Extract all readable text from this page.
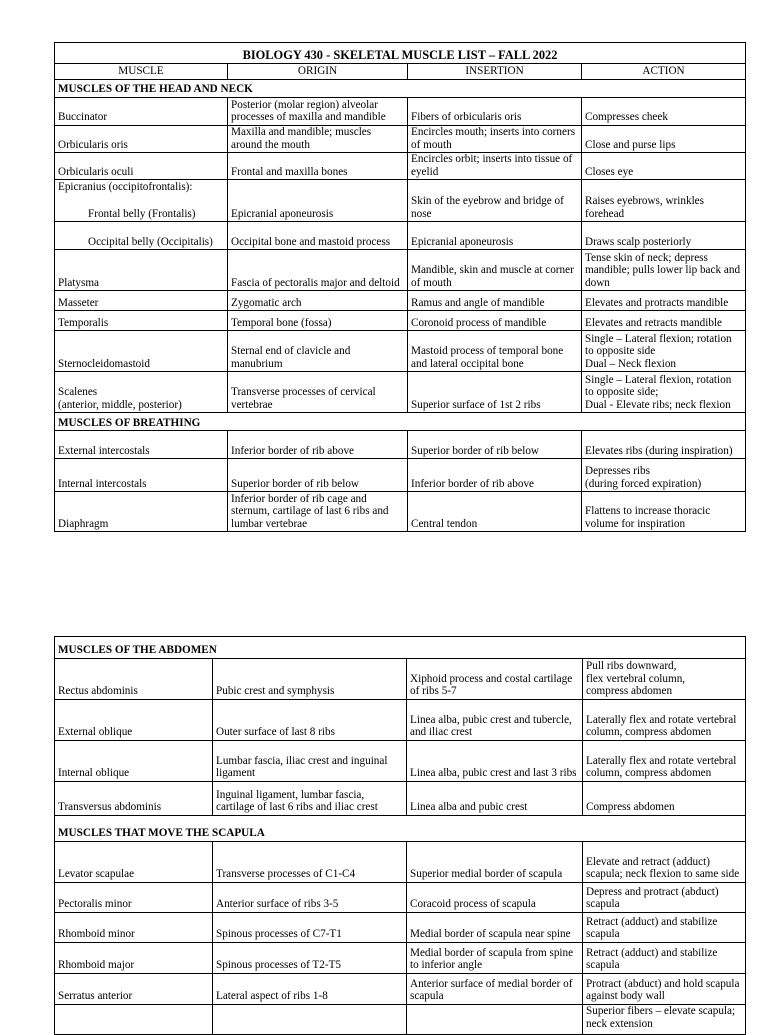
BIOLOGY 430 - SKELETAL MUSCLE LIST – FALL 2022			
MUSCLE	ORIGIN	INSERTION	ACTION
MUSCLES OF THE HEAD AND NECK			
Buccinator	Posterior (molar region) alveolar processes of maxilla and mandible	Fibers of orbicularis oris	Compresses cheek
Orbicularis oris	Maxilla and mandible; muscles around the mouth	Encircles mouth; inserts into corners of mouth	Close and purse lips
Orbicularis oculi	Frontal and maxilla bones	Encircles orbit; inserts into tissue of eyelid	Closes eye
Epicranius (occipitofrontalis):			
Frontal belly (Frontalis)	Epicranial aponeurosis	Skin of the eyebrow and bridge of nose	Raises eyebrows, wrinkles forehead
Occipital belly (Occipitalis)	Occipital bone and mastoid process	Epicranial aponeurosis	Draws scalp posteriorly
Platysma	Fascia of pectoralis major and deltoid	Mandible, skin and muscle at corner of mouth	Tense skin of neck; depress mandible; pulls lower lip back and down
Masseter	Zygomatic arch	Ramus and angle of mandible	Elevates and protracts mandible
Temporalis	Temporal bone (fossa)	Coronoid process of mandible	Elevates and retracts mandible
Sternocleidomastoid	Sternal end of clavicle and manubrium	Mastoid process of temporal bone and lateral occipital bone	Single – Lateral flexion; rotation to opposite side
Dual – Neck flexion
Scalenes
(anterior, middle, posterior)	Transverse processes of cervical vertebrae	Superior surface of 1st 2 ribs	Single – Lateral flexion, rotation to opposite side;
Dual - Elevate ribs; neck flexion
MUSCLES OF BREATHING			
External intercostals	Inferior border of rib above	Superior border of rib below	Elevates ribs (during inspiration)
Internal intercostals	Superior border of rib below	Inferior border of rib above	Depresses ribs
(during forced expiration)
Diaphragm	Inferior border of rib cage and sternum, cartilage of last 6 ribs and lumbar vertebrae	Central tendon	Flattens to increase thoracic volume for inspiration
MUSCLES OF THE ABDOMEN			
Rectus abdominis	Pubic crest and symphysis	Xiphoid process and costal cartilage of ribs 5-7	Pull ribs downward,
flex vertebral column,
compress abdomen
External oblique	Outer surface of last 8 ribs	Linea alba, pubic crest and tubercle, and iliac crest	Laterally flex and rotate vertebral column, compress abdomen
Internal oblique	Lumbar fascia, iliac crest and inguinal ligament	Linea alba, pubic crest and last 3 ribs	Laterally flex and rotate vertebral column, compress abdomen
Transversus abdominis	Inguinal ligament, lumbar fascia, cartilage of last 6 ribs and iliac crest	Linea alba and pubic crest	Compress abdomen
MUSCLES THAT MOVE THE SCAPULA			
Levator scapulae	Transverse processes of C1-C4	Superior medial border of scapula	Elevate and retract (adduct) scapula; neck flexion to same side
Pectoralis minor	Anterior surface of ribs 3-5	Coracoid process of scapula	Depress and protract (abduct) scapula
Rhomboid minor	Spinous processes of C7-T1	Medial border of scapula near spine	Retract (adduct) and stabilize scapula
Rhomboid major	Spinous processes of T2-T5	Medial border of scapula from spine to inferior angle	Retract (adduct) and stabilize scapula
Serratus anterior	Lateral aspect of ribs 1-8	Anterior surface of medial border of scapula	Protract (abduct) and hold scapula against body wall
			Superior fibers – elevate scapula; neck extension
